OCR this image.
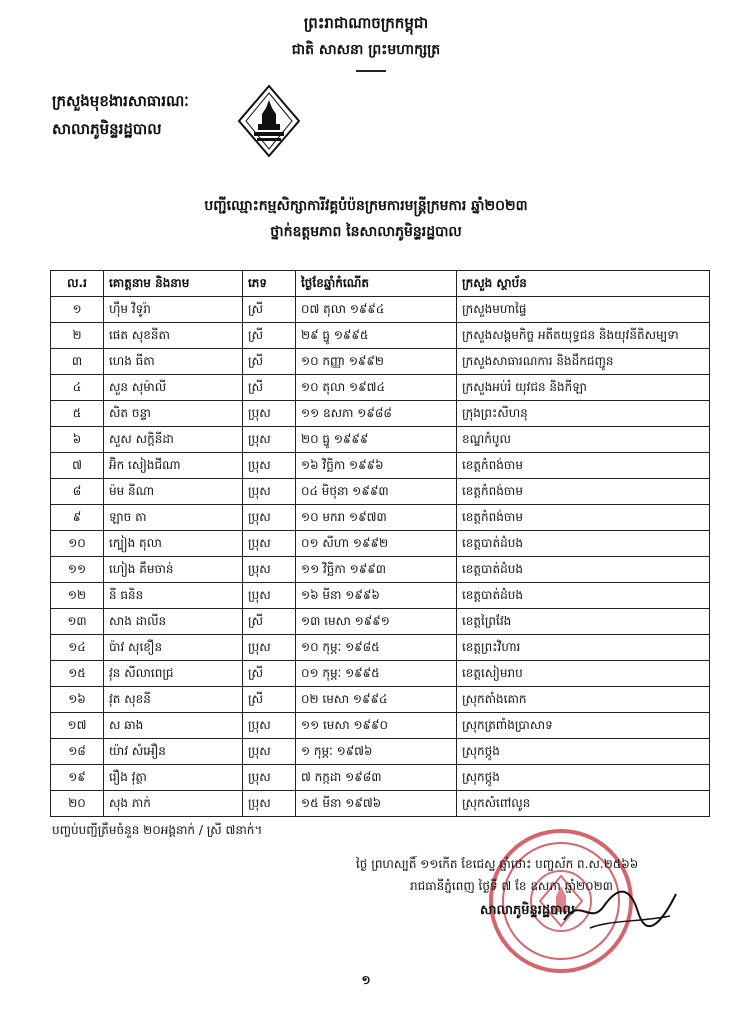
ព្រះរាជាណាចក្រកម្ពុជា
ជាតិ សាសនា ព្រះមហាក្សត្រ
ក្រសួងមុខងារសាធារណៈ
សាលាភូមិន្ទរដ្ឋបាល
បញ្ជីឈ្មោះកម្មសិក្សាការីវគ្គបំប៉នក្រមការមន្ត្រីក្រមការ ឆ្នាំ២០២៣
ថ្នាក់ឧត្តមភាព នៃសាលាភូមិន្ទរដ្ឋបាល
ល.រ	គោត្តនាម និងនាម	ភេទ	ថ្ងៃខែឆ្នាំកំណើត	ក្រសួង ស្ថាប័ន
១	ហ៊ឹម វិទូរ៉ា	ស្រី	០៧ តុលា ១៩៩៤	ក្រសួងមហាផ្ទៃ
២	ផេត សុខនីតា	ស្រី	២៩ ធ្នូ ១៩៩៥	ក្រសួងសង្គមកិច្ច អតីតយុទ្ធជន និងយុវនីតិសម្បទា
៣	ហេង ធីតា	ស្រី	១០ កញ្ញា ១៩៩២	ក្រសួងសាធារណការ និងដឹកជញ្ជូន
៤	សួន សុម៉ាលី	ស្រី	១០ តុលា ១៩៧៤	ក្រសួងអប់រំ យុវជន និងកីឡា
៥	សិត ចន្ទា	ប្រុស	១១ ឧសភា ១៩៨៨	ក្រុងព្រះសីហនុ
៦	សួស សក្តិនីដា	ប្រុស	២០ ធ្នូ ១៩៩៩	ខណ្ឌកំបូល
៧	អ៊ិក សៀងជីណា	ប្រុស	១៦ វិច្ឆិកា ១៩៩៦	ខេត្តកំពង់ចាម
៨	ម៉ម នីណា	ប្រុស	០៤ មិថុនា ១៩៩៣	ខេត្តកំពង់ចាម
៩	ឡាច តា	ប្រុស	១០ មករា ១៩៧៣	ខេត្តកំពង់ចាម
១០	ក្បៀង តុលា	ប្រុស	០១ សីហា ១៩៩២	ខេត្តបាត់ដំបង
១១	ហៀង គឹមចាន់	ប្រុស	១១ វិច្ឆិកា ១៩៩៣	ខេត្តបាត់ដំបង
១២	នី ធនិន	ប្រុស	១៦ មីនា ១៩៩៦	ខេត្តបាត់ដំបង
១៣	សាង ដាលីន	ស្រី	១៣ មេសា ១៩៩១	ខេត្តព្រៃវែង
១៤	ប៉ាវ សុខឿន	ប្រុស	១០ កុម្ភៈ ១៩៨៥	ខេត្តព្រះវិហារ
១៥	វុន សីលាពេជ្រ	ស្រី	០១ កុម្ភៈ ១៩៩៥	ខេត្តសៀមរាប
១៦	វុត សុខនី	ស្រី	០២ មេសា ១៩៩៤	ស្រុកតាំងគោក
១៧	ស ឆាង	ប្រុស	១១ មេសា ១៩៩០	ស្រុកត្រពាំងប្រាសាទ
១៨	យ៉ាវ សំអឿន	ប្រុស	១ កុម្ភៈ ១៩៧៦	ស្រុកថ្កូង
១៩	រឿង វុត្ថា	ប្រុស	៧ កក្កដា ១៩៨៣	ស្រុកថ្កូង
២០	សុង ភាក់	ប្រុស	១៥ មីនា ១៩៧៦	ស្រុកសំពៅលូន
បញ្ចប់បញ្ជីត្រឹមចំនួន ២០អង្គនាក់ / ស្រី ៧នាក់។
ថ្ងៃ ព្រហស្បតិ៍ ១១កើត ខែជេស្ឋ ឆ្នាំថោះ បញ្ចស័ក ព.ស.២៥៦៦
រាជធានីភ្នំពេញ ថ្ងៃទី ៧ ខែ ឧសភា ឆ្នាំ២០២៣
សាលាភូមិន្ទរដ្ឋបាល
១
